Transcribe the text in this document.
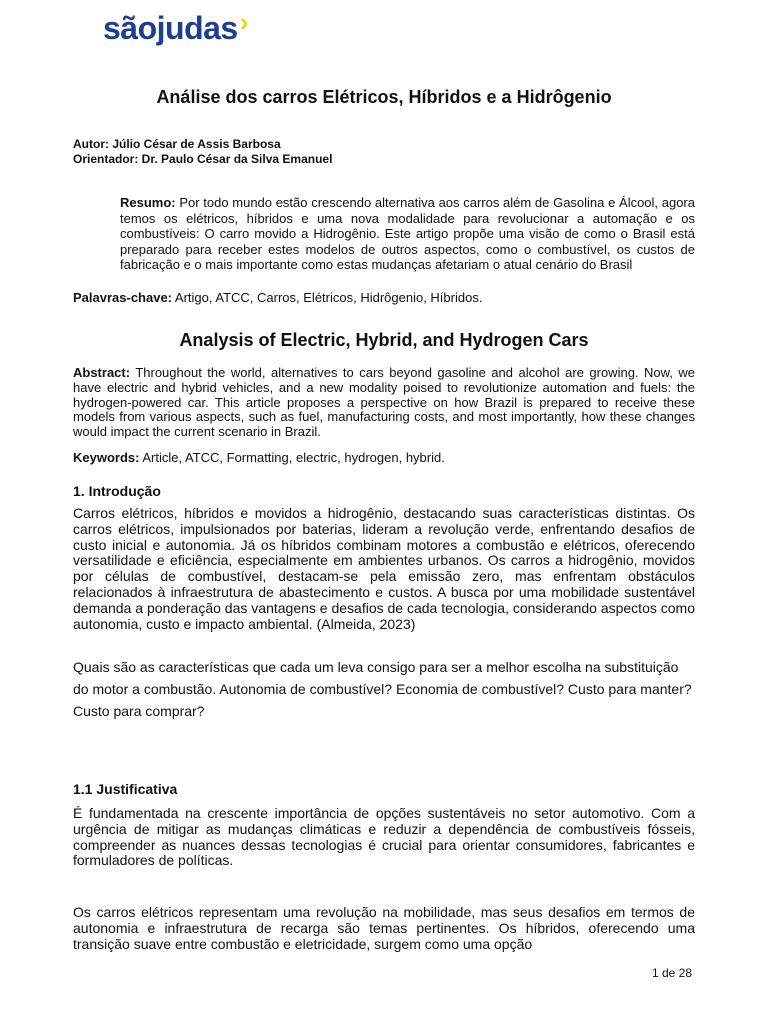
sãojudas›
Análise dos carros Elétricos, Híbridos e a Hidrôgenio
Autor: Júlio César de Assis Barbosa
Orientador: Dr. Paulo César da Silva Emanuel
Resumo: Por todo mundo estão crescendo alternativa aos carros além de Gasolina e Álcool, agora temos os elétricos, híbridos e uma nova modalidade para revolucionar a automação e os combustíveis: O carro movido a Hidrogênio. Este artigo propõe uma visão de como o Brasil está preparado para receber estes modelos de outros aspectos, como o combustível, os custos de fabricação e o mais importante como estas mudanças afetariam o atual cenário do Brasil
Palavras-chave: Artigo, ATCC, Carros, Elétricos, Hidrôgenio, Híbridos.
Analysis of Electric, Hybrid, and Hydrogen Cars
Abstract: Throughout the world, alternatives to cars beyond gasoline and alcohol are growing. Now, we have electric and hybrid vehicles, and a new modality poised to revolutionize automation and fuels: the hydrogen-powered car. This article proposes a perspective on how Brazil is prepared to receive these models from various aspects, such as fuel, manufacturing costs, and most importantly, how these changes would impact the current scenario in Brazil.
Keywords: Article, ATCC, Formatting, electric, hydrogen, hybrid.
1. Introdução
Carros elétricos, híbridos e movidos a hidrogênio, destacando suas características distintas. Os carros elétricos, impulsionados por baterias, lideram a revolução verde, enfrentando desafios de custo inicial e autonomia. Já os híbridos combinam motores a combustão e elétricos, oferecendo versatilidade e eficiência, especialmente em ambientes urbanos. Os carros a hidrogênio, movidos por células de combustível, destacam-se pela emissão zero, mas enfrentam obstáculos relacionados à infraestrutura de abastecimento e custos. A busca por uma mobilidade sustentável demanda a ponderação das vantagens e desafios de cada tecnologia, considerando aspectos como autonomia, custo e impacto ambiental. (Almeida, 2023)
Quais são as características que cada um leva consigo para ser a melhor escolha na substituição do motor a combustão. Autonomia de combustível? Economia de combustível? Custo para manter? Custo para comprar?
1.1 Justificativa
É fundamentada na crescente importância de opções sustentáveis no setor automotivo. Com a urgência de mitigar as mudanças climáticas e reduzir a dependência de combustíveis fósseis, compreender as nuances dessas tecnologias é crucial para orientar consumidores, fabricantes e formuladores de políticas.
Os carros elétricos representam uma revolução na mobilidade, mas seus desafios em termos de autonomia e infraestrutura de recarga são temas pertinentes. Os híbridos, oferecendo uma transição suave entre combustão e eletricidade, surgem como uma opção
1 de 28
